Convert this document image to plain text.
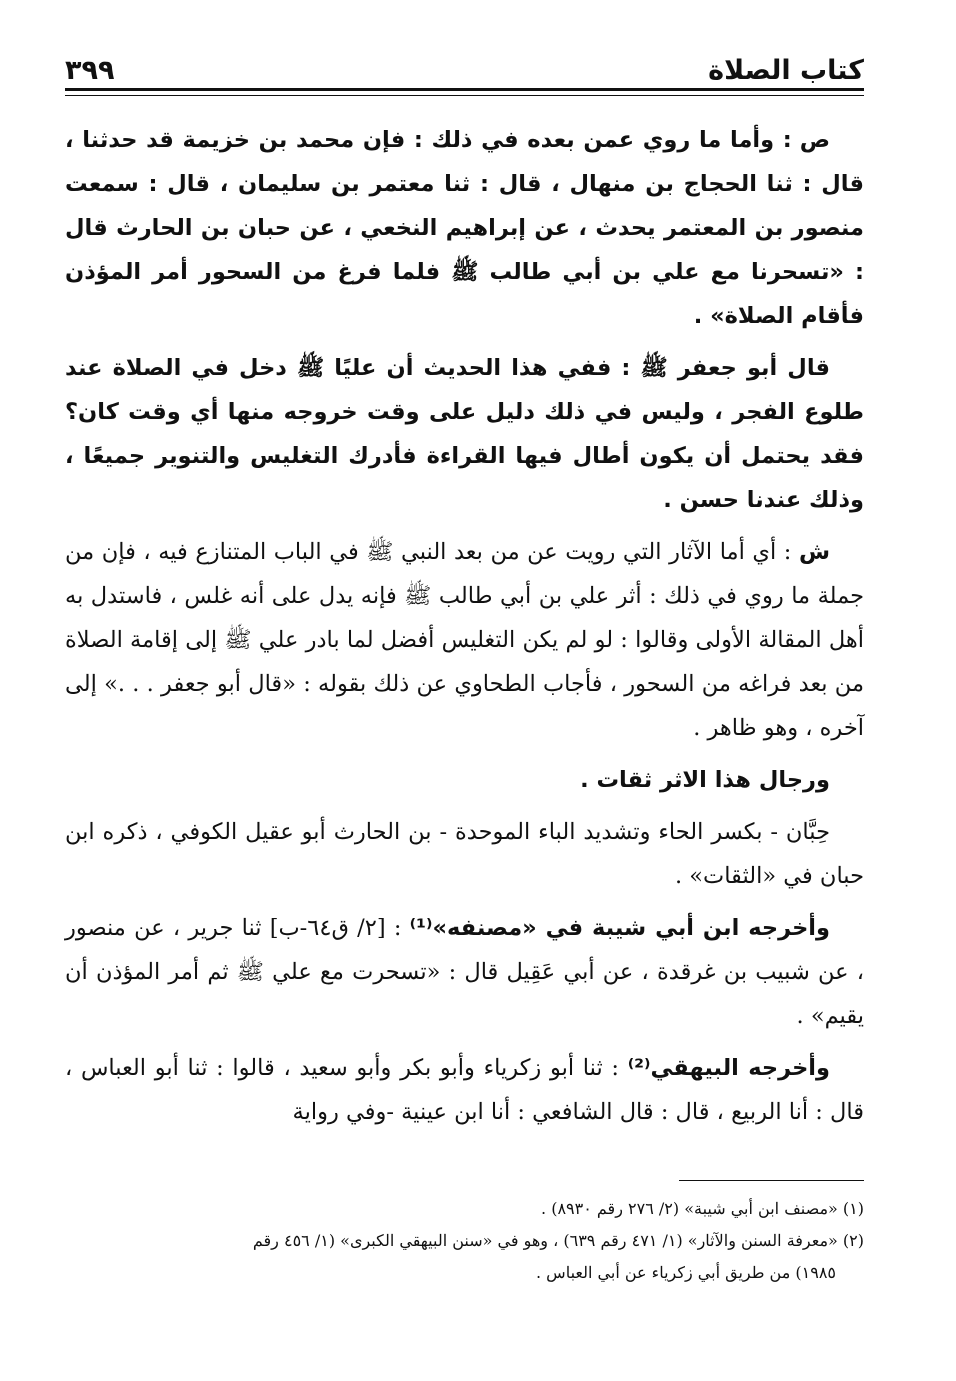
كتاب الصلاة
٣٩٩

ص : وأما ما روي عمن بعده في ذلك : فإن محمد بن خزيمة قد حدثنا ، قال : ثنا الحجاج بن منهال ، قال : ثنا معتمر بن سليمان ، قال : سمعت منصور بن المعتمر يحدث ، عن إبراهيم النخعي ، عن حبان بن الحارث قال : «تسحرنا مع علي بن أبي طالب ﷺ فلما فرغ من السحور أمر المؤذن فأقام الصلاة» .

قال أبو جعفر ﷺ : ففي هذا الحديث أن عليًا ﷺ دخل في الصلاة عند طلوع الفجر ، وليس في ذلك دليل على وقت خروجه منها أي وقت كان؟ فقد يحتمل أن يكون أطال فيها القراءة فأدرك التغليس والتنوير جميعًا ، وذلك عندنا حسن .

ش : أي أما الآثار التي رويت عن من بعد النبي ﷺ في الباب المتنازع فيه ، فإن من جملة ما روي في ذلك : أثر علي بن أبي طالب ﷺ فإنه يدل على أنه غلس ، فاستدل به أهل المقالة الأولى وقالوا : لو لم يكن التغليس أفضل لما بادر علي ﷺ إلى إقامة الصلاة من بعد فراغه من السحور ، فأجاب الطحاوي عن ذلك بقوله : «قال أبو جعفر . . .» إلى آخره ، وهو ظاهر .

ورجال هذا الاثر ثقات .

حِبَّان - بكسر الحاء وتشديد الباء الموحدة - بن الحارث أبو عقيل الكوفي ، ذكره ابن حبان في «الثقات» .

وأخرجه ابن أبي شيبة في «مصنفه»⁽¹⁾ : [٢/ ق٦٤-ب] ثنا جرير ، عن منصور ، عن شبيب بن غرقدة ، عن أبي عَقِيل قال : «تسحرت مع علي ﷺ ثم أمر المؤذن أن يقيم» .

وأخرجه البيهقي⁽²⁾ : ثنا أبو زكرياء وأبو بكر وأبو سعيد ، قالوا : ثنا أبو العباس ، قال : أنا الربيع ، قال : قال الشافعي : أنا ابن عينية -وفي رواية

(١) «مصنف ابن أبي شيبة» (٢/ ٢٧٦ رقم ٨٩٣٠) .

(٢) «معرفة السنن والآثار» (١/ ٤٧١ رقم ٦٣٩) ، وهو في «سنن البيهقي الكبرى» (١/ ٤٥٦ رقم

١٩٨٥) من طريق أبي زكرياء عن أبي العباس .
